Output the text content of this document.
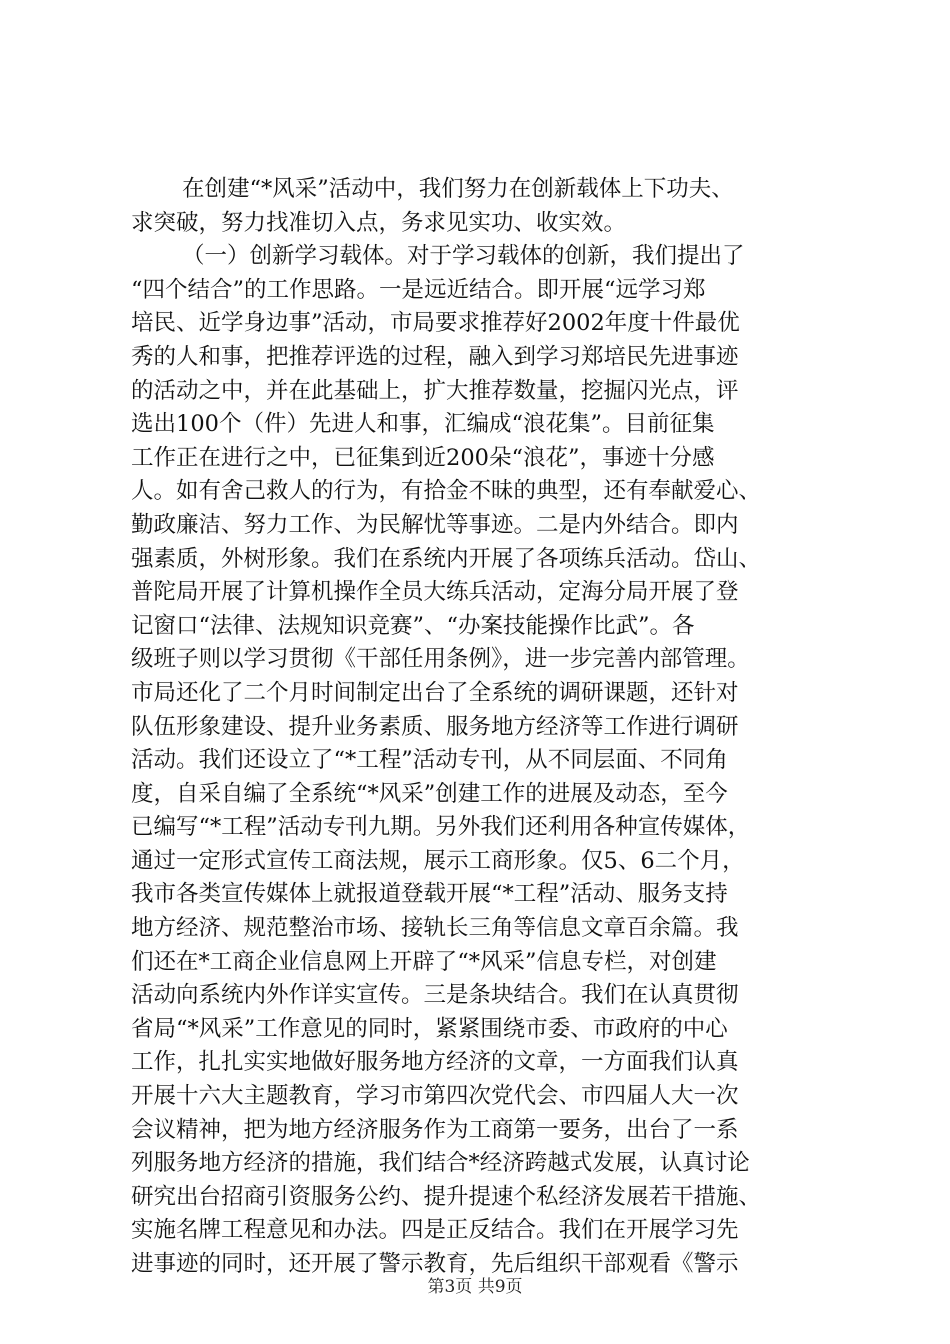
在创建“*风采”活动中，我们努力在创新载体上下功夫、
求突破，努力找准切入点，务求见实功、收实效。
（一）创新学习载体。对于学习载体的创新，我们提出了
“四个结合”的工作思路。一是远近结合。即开展“远学习郑
培民、近学身边事”活动，市局要求推荐好2002年度十件最优
秀的人和事，把推荐评选的过程，融入到学习郑培民先进事迹
的活动之中，并在此基础上，扩大推荐数量，挖掘闪光点，评
选出100个（件）先进人和事，汇编成“浪花集”。目前征集
工作正在进行之中，已征集到近200朵“浪花”，事迹十分感
人。如有舍己救人的行为，有拾金不昧的典型，还有奉献爱心、
勤政廉洁、努力工作、为民解忧等事迹。二是内外结合。即内
强素质，外树形象。我们在系统内开展了各项练兵活动。岱山、
普陀局开展了计算机操作全员大练兵活动，定海分局开展了登
记窗口“法律、法规知识竞赛”、“办案技能操作比武”。各
级班子则以学习贯彻《干部任用条例》，进一步完善内部管理。
市局还化了二个月时间制定出台了全系统的调研课题，还针对
队伍形象建设、提升业务素质、服务地方经济等工作进行调研
活动。我们还设立了“*工程”活动专刊，从不同层面、不同角
度，自采自编了全系统“*风采”创建工作的进展及动态，至今
已编写“*工程”活动专刊九期。另外我们还利用各种宣传媒体，
通过一定形式宣传工商法规，展示工商形象。仅5、6二个月，
我市各类宣传媒体上就报道登载开展“*工程”活动、服务支持
地方经济、规范整治市场、接轨长三角等信息文章百余篇。我
们还在*工商企业信息网上开辟了“*风采”信息专栏，对创建
活动向系统内外作详实宣传。三是条块结合。我们在认真贯彻
省局“*风采”工作意见的同时，紧紧围绕市委、市政府的中心
工作，扎扎实实地做好服务地方经济的文章，一方面我们认真
开展十六大主题教育，学习市第四次党代会、市四届人大一次
会议精神，把为地方经济服务作为工商第一要务，出台了一系
列服务地方经济的措施，我们结合*经济跨越式发展，认真讨论
研究出台招商引资服务公约、提升提速个私经济发展若干措施、
实施名牌工程意见和办法。四是正反结合。我们在开展学习先
进事迹的同时，还开展了警示教育，先后组织干部观看《警示
第3页 共9页
